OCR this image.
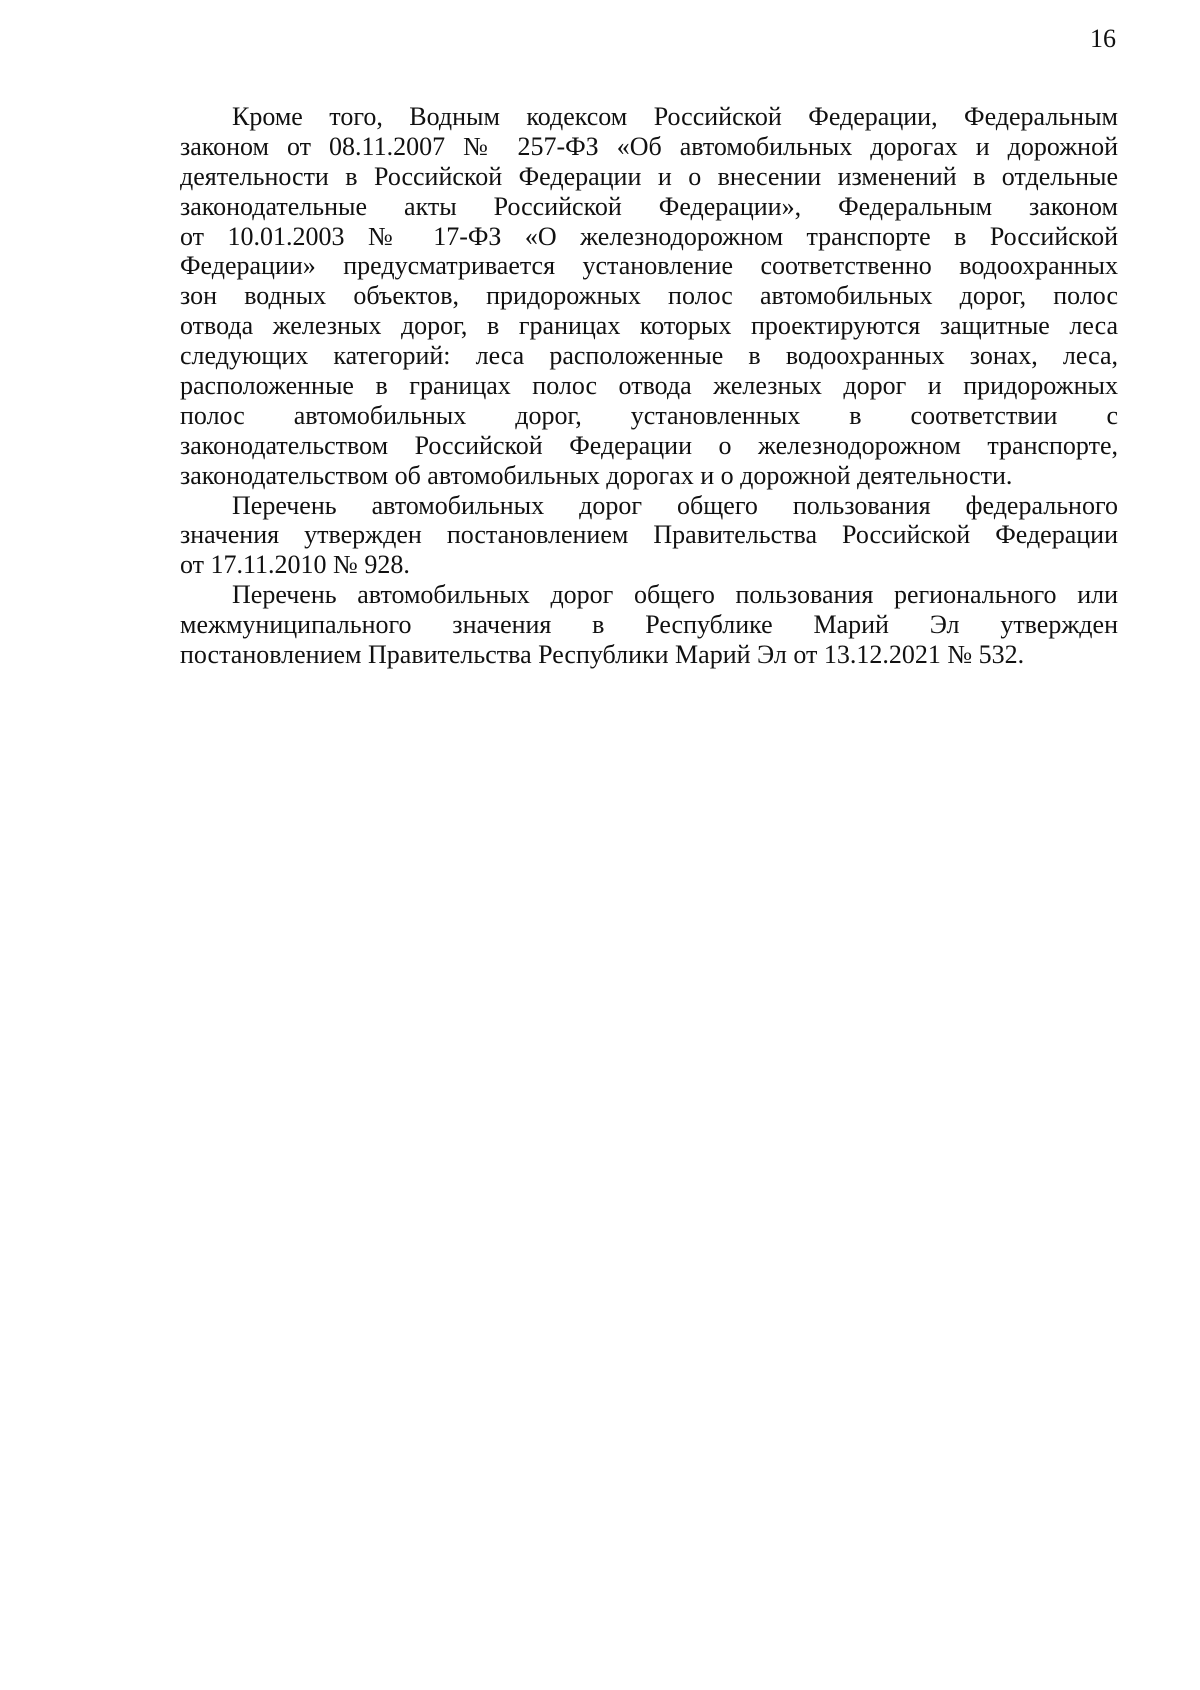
16
Кроме того, Водным кодексом Российской Федерации, Федеральным
законом от 08.11.2007 № 257-ФЗ «Об автомобильных дорогах и дорожной
деятельности в Российской Федерации и о внесении изменений в отдельные
законодательные акты Российской Федерации», Федеральным законом
от 10.01.2003 № 17-ФЗ «О железнодорожном транспорте в Российской
Федерации» предусматривается установление соответственно водоохранных
зон водных объектов, придорожных полос автомобильных дорог, полос
отвода железных дорог, в границах которых проектируются защитные леса
следующих категорий: леса расположенные в водоохранных зонах, леса,
расположенные в границах полос отвода железных дорог и придорожных
полос автомобильных дорог, установленных в соответствии с
законодательством Российской Федерации о железнодорожном транспорте,
законодательством об автомобильных дорогах и о дорожной деятельности.
Перечень автомобильных дорог общего пользования федерального
значения утвержден постановлением Правительства Российской Федерации
от 17.11.2010 № 928.
Перечень автомобильных дорог общего пользования регионального или
межмуниципального значения в Республике Марий Эл утвержден
постановлением Правительства Республики Марий Эл от 13.12.2021 № 532.
